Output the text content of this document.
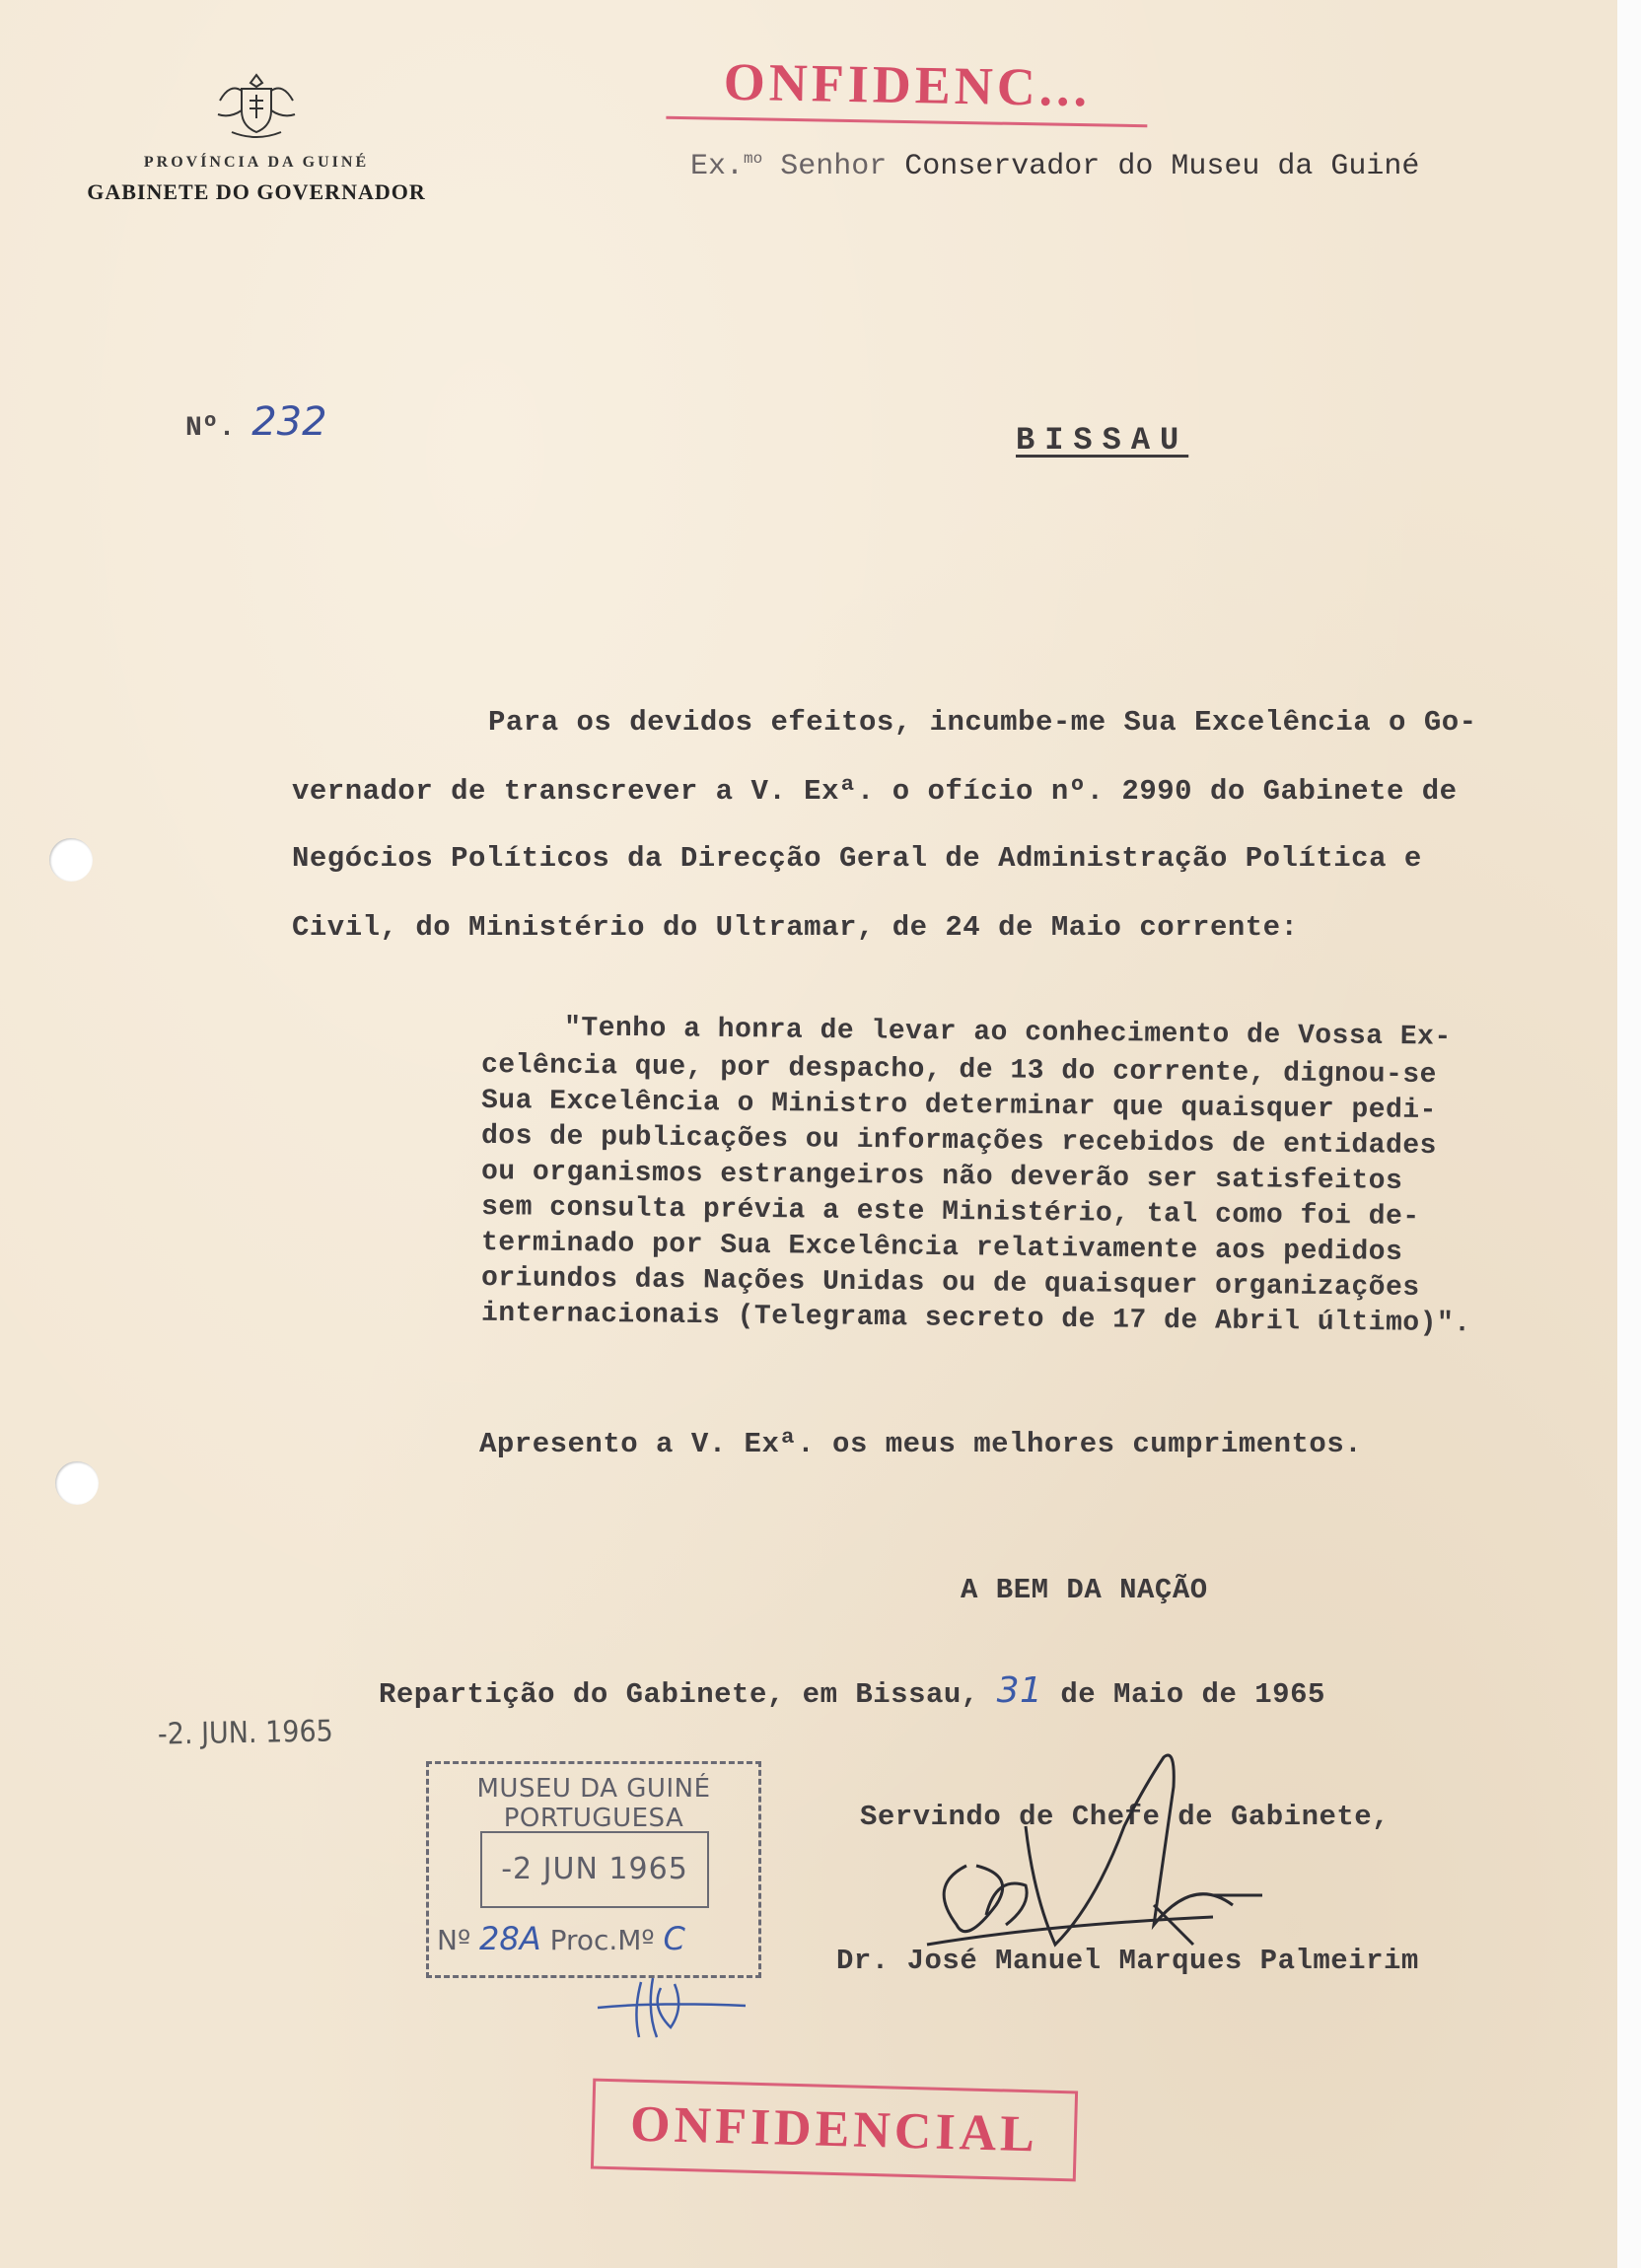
PROVÍNCIA DA GUINÉ
GABINETE DO GOVERNADOR
ONFIDENC...
Ex.$^{mo}$ Senhor Conservador do Museu da Guiné
Nº. 232	BISSAU
Para os devidos efeitos, incumbe-me Sua Excelência o Go-
vernador de transcrever a V. Exª. o ofício nº. 2990 do Gabinete de
Negócios Políticos da Direcção Geral de Administração Política e
Civil, do Ministério do Ultramar, de 24 de Maio corrente:
"Tenho a honra de levar ao conhecimento de Vossa Ex-
celência que, por despacho, de 13 do corrente, dignou-se
Sua Excelência o Ministro determinar que quaisquer pedi-
dos de publicações ou informações recebidos de entidades
ou organismos estrangeiros não deverão ser satisfeitos
sem consulta prévia a este Ministério, tal como foi de-
terminado por Sua Excelência relativamente aos pedidos
oriundos das Nações Unidas ou de quaisquer organizações
internacionais (Telegrama secreto de 17 de Abril último)".
Apresento a V. Exª. os meus melhores cumprimentos.
A BEM DA NAÇÃO
Repartição do Gabinete, em Bissau, 31 de Maio de 1965
-2. JUN. 1965
MUSEU DA GUINÉ PORTUGUESA
-2 JUN 1965
Nº 28A Proc.Mº C
Servindo de Chefe de Gabinete,
Dr. José Manuel Marques Palmeirim
ONFIDENCIAL
